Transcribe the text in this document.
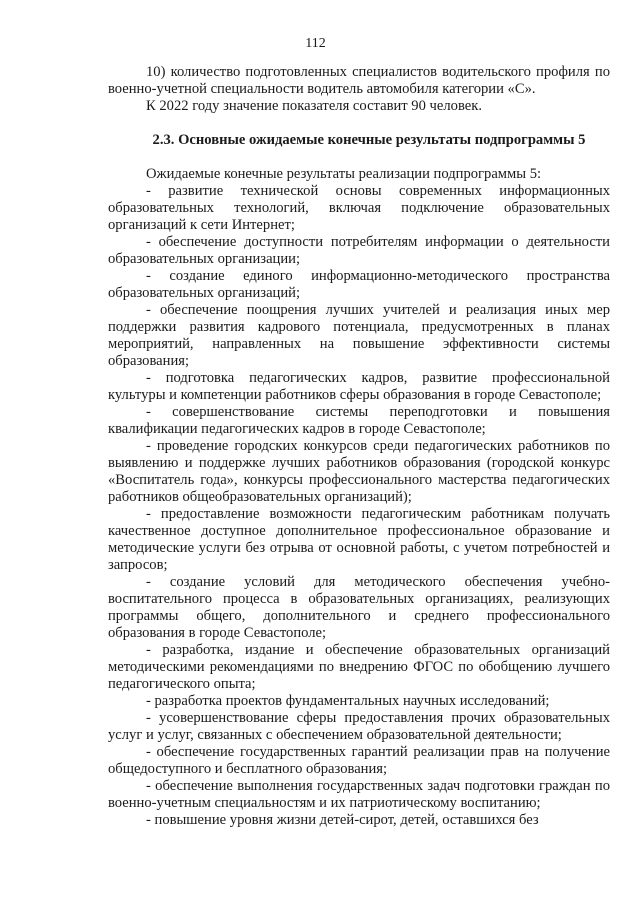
112

10) количество подготовленных специалистов водительского профиля по военно-учетной специальности водитель автомобиля категории «С».

К 2022 году значение показателя составит 90 человек.

2.3. Основные ожидаемые конечные результаты подпрограммы 5

Ожидаемые конечные результаты реализации подпрограммы 5:

- развитие технической основы современных информационных образовательных технологий, включая подключение образовательных организаций к сети Интернет;

- обеспечение доступности потребителям информации о деятельности образовательных организации;

- создание единого информационно-методического пространства образовательных организаций;

- обеспечение поощрения лучших учителей и реализация иных мер поддержки развития кадрового потенциала, предусмотренных в планах мероприятий, направленных на повышение эффективности системы образования;

- подготовка педагогических кадров, развитие профессиональной культуры и компетенции работников сферы образования в городе Севастополе;

- совершенствование системы переподготовки и повышения квалификации педагогических кадров в городе Севастополе;

- проведение городских конкурсов среди педагогических работников по выявлению и поддержке лучших работников образования (городской конкурс «Воспитатель года», конкурсы профессионального мастерства педагогических работников общеобразовательных организаций);

- предоставление возможности педагогическим работникам получать качественное доступное дополнительное профессиональное образование и методические услуги без отрыва от основной работы, с учетом потребностей и запросов;

- создание условий для методического обеспечения учебно-воспитательного процесса в образовательных организациях, реализующих программы общего, дополнительного и среднего профессионального образования в городе Севастополе;

- разработка, издание и обеспечение образовательных организаций методическими рекомендациями по внедрению ФГОС по обобщению лучшего педагогического опыта;

- разработка проектов фундаментальных научных исследований;

- усовершенствование сферы предоставления прочих образовательных услуг и услуг, связанных с обеспечением образовательной деятельности;

- обеспечение государственных гарантий реализации прав на получение общедоступного и бесплатного образования;

- обеспечение выполнения государственных задач подготовки граждан по военно-учетным специальностям и их патриотическому воспитанию;

- повышение уровня жизни детей-сирот, детей, оставшихся без
